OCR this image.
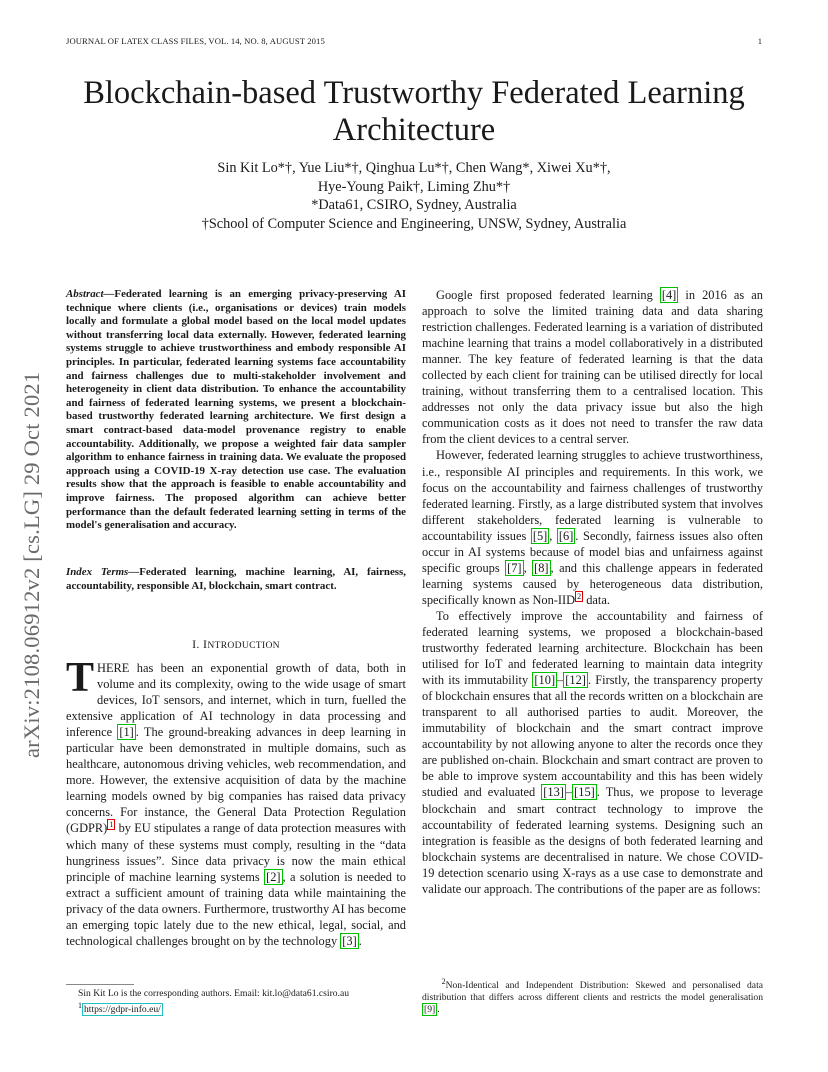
JOURNAL OF LATEX CLASS FILES, VOL. 14, NO. 8, AUGUST 2015	1
Blockchain-based Trustworthy Federated Learning
Architecture
Sin Kit Lo*†, Yue Liu*†, Qinghua Lu*†, Chen Wang*, Xiwei Xu*†,
Hye-Young Paik†, Liming Zhu*†
*Data61, CSIRO, Sydney, Australia
†School of Computer Science and Engineering, UNSW, Sydney, Australia
arXiv:2108.06912v2 [cs.LG] 29 Oct 2021
Abstract—Federated learning is an emerging privacy-preserving AI technique where clients (i.e., organisations or devices) train models locally and formulate a global model based on the local model updates without transferring local data externally. However, federated learning systems struggle to achieve trustworthiness and embody responsible AI principles. In particular, federated learning systems face accountability and fairness challenges due to multi-stakeholder involvement and heterogeneity in client data distribution. To enhance the accountability and fairness of federated learning systems, we present a blockchain-based trustworthy federated learning architecture. We first design a smart contract-based data-model provenance registry to enable accountability. Additionally, we propose a weighted fair data sampler algorithm to enhance fairness in training data. We evaluate the proposed approach using a COVID-19 X-ray detection use case. The evaluation results show that the approach is feasible to enable accountability and improve fairness. The proposed algorithm can achieve better performance than the default federated learning setting in terms of the model's generalisation and accuracy.
Index Terms—Federated learning, machine learning, AI, fairness, accountability, responsible AI, blockchain, smart contract.
I. INTRODUCTION

THERE has been an exponential growth of data, both in volume and its complexity, owing to the wide usage of smart devices, IoT sensors, and internet, which in turn, fuelled the extensive application of AI technology in data processing and inference [1] . The ground-breaking advances in deep learning in particular have been demonstrated in multiple domains, such as healthcare, autonomous driving vehicles, web recommendation, and more. However, the extensive acquisition of data by the machine learning models owned by big companies has raised data privacy concerns. For instance, the General Data Protection Regulation (GDPR) $^1$ by EU stipulates a range of data protection measures with which many of these systems must comply, resulting in the “data hungriness issues”. Since data privacy is now the main ethical principle of machine learning systems [2] , a solution is needed to extract a sufficient amount of training data while maintaining the privacy of the data owners. Furthermore, trustworthy AI has become an emerging topic lately due to the new ethical, legal, social, and technological challenges brought on by the technology [3] .

Google first proposed federated learning [4] in 2016 as an approach to solve the limited training data and data sharing restriction challenges. Federated learning is a variation of distributed machine learning that trains a model collaboratively in a distributed manner. The key feature of federated learning is that the data collected by each client for training can be utilised directly for local training, without transferring them to a centralised location. This addresses not only the data privacy issue but also the high communication costs as it does not need to transfer the raw data from the client devices to a central server.

However, federated learning struggles to achieve trustworthiness, i.e., responsible AI principles and requirements. In this work, we focus on the accountability and fairness challenges of trustworthy federated learning. Firstly, as a large distributed system that involves different stakeholders, federated learning is vulnerable to accountability issues [5] , [6] . Secondly, fairness issues also often occur in AI systems because of model bias and unfairness against specific groups [7] , [8] , and this challenge appears in federated learning systems caused by heterogeneous data distribution, specifically known as Non-IID $^2$ data.

To effectively improve the accountability and fairness of federated learning systems, we proposed a blockchain-based trustworthy federated learning architecture. Blockchain has been utilised for IoT and federated learning to maintain data integrity with its immutability [10] – [12] . Firstly, the transparency property of blockchain ensures that all the records written on a blockchain are transparent to all authorised parties to audit. Moreover, the immutability of blockchain and the smart contract improve accountability by not allowing anyone to alter the records once they are published on-chain. Blockchain and smart contract are proven to be able to improve system accountability and this has been widely studied and evaluated [13] – [15] . Thus, we propose to leverage blockchain and smart contract technology to improve the accountability of federated learning systems. Designing such an integration is feasible as the designs of both federated learning and blockchain systems are decentralised in nature. We chose COVID-19 detection scenario using X-rays as a use case to demonstrate and validate our approach. The contributions of the paper are as follows:

Sin Kit Lo is the corresponding authors. Email: kit.lo@data61.csiro.au
$^1$ https://gdpr-info.eu/
$^2$Non-Identical and Independent Distribution: Skewed and personalised data distribution that differs across different clients and restricts the model generalisation [9] .
